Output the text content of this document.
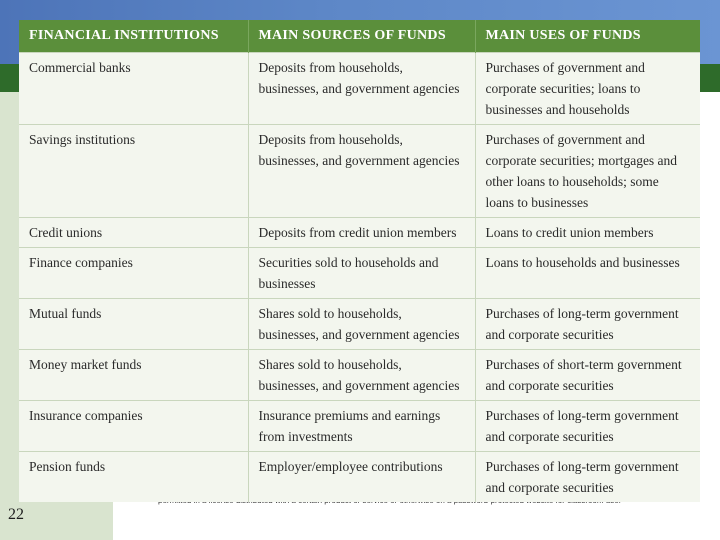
22
FINANCIAL INSTITUTIONS	MAIN SOURCES OF FUNDS	MAIN USES OF FUNDS
Commercial banks	Deposits from households, businesses, and government agencies	Purchases of government and corporate securities; loans to businesses and households
Savings institutions	Deposits from households, businesses, and government agencies	Purchases of government and corporate securities; mortgages and other loans to households; some loans to businesses
Credit unions	Deposits from credit union members	Loans to credit union members
Finance companies	Securities sold to households and businesses	Loans to households and businesses
Mutual funds	Shares sold to households, businesses, and government agencies	Purchases of long-term government and corporate securities
Money market funds	Shares sold to households, businesses, and government agencies	Purchases of short-term government and corporate securities
Insurance companies	Insurance premiums and earnings from investments	Purchases of long-term government and corporate securities
Pension funds	Employer/employee contributions	Purchases of long-term government and corporate securities
